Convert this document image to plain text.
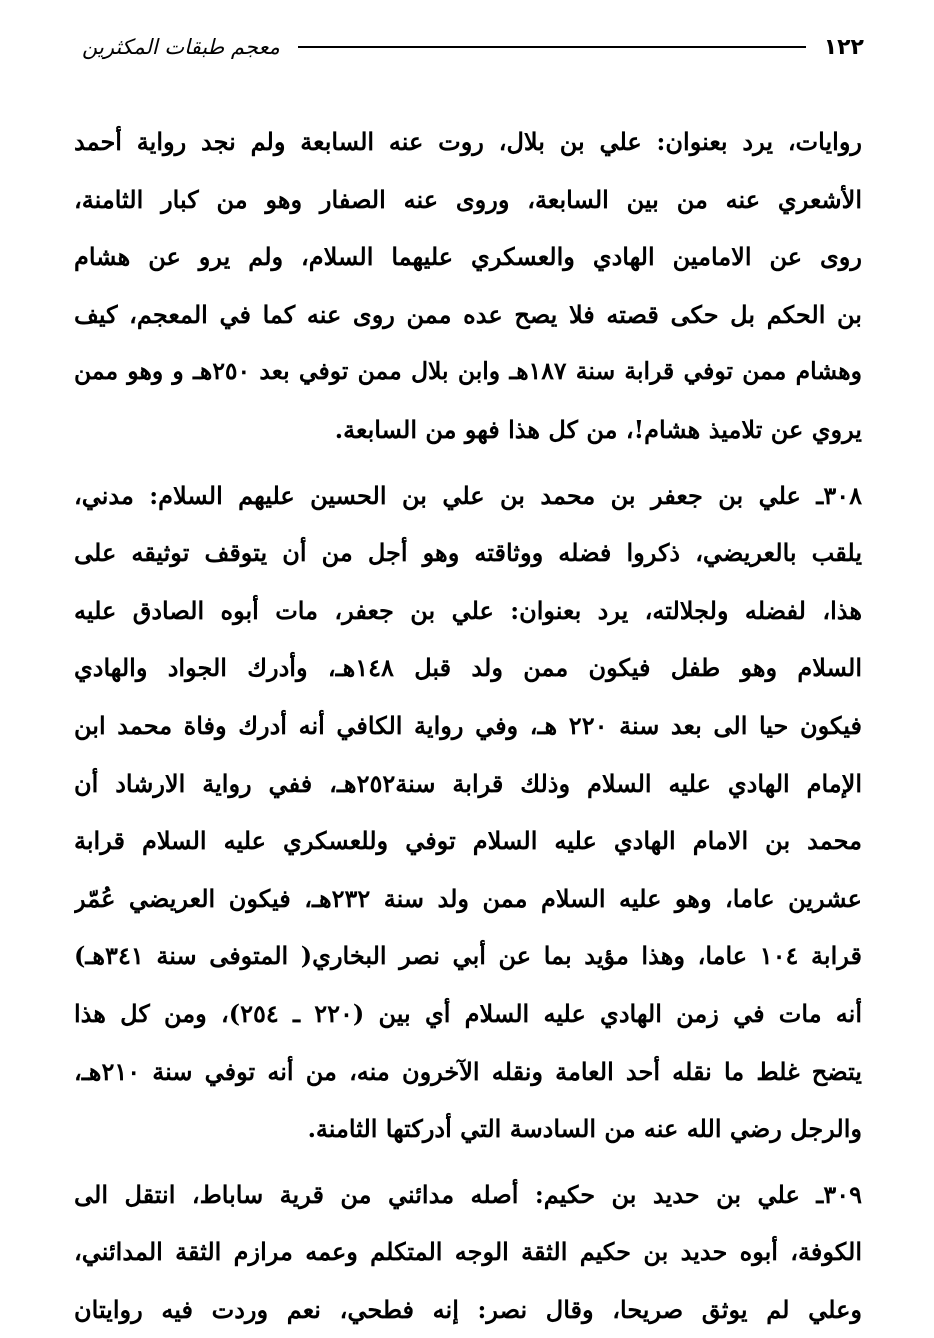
١٢٢
معجم طبقات المكثرين
روايات، يرد بعنوان: علي بن بلال، روت عنه السابعة ولم نجد رواية أحمد
الأشعري عنه من بين السابعة، وروى عنه الصفار وهو من كبار الثامنة،
روى عن الامامين الهادي والعسكري عليهما السلام، ولم يرو عن هشام
بن الحكم بل حكى قصته فلا يصح عده ممن روى عنه كما في المعجم، كيف
وهشام ممن توفي قرابة سنة ١٨٧هـ وابن بلال ممن توفي بعد ٢٥٠هـ و وهو ممن
يروي عن تلاميذ هشام!، من كل هذا فهو من السابعة.
٣٠٨ـ علي بن جعفر بن محمد بن علي بن الحسين عليهم السلام: مدني،
يلقب بالعريضي، ذكروا فضله ووثاقته وهو أجل من أن يتوقف توثيقه على
هذا، لفضله ولجلالته، يرد بعنوان: علي بن جعفر، مات أبوه الصادق عليه
السلام وهو طفل فيكون ممن ولد قبل ١٤٨هـ، وأدرك الجواد والهادي
فيكون حيا الى بعد سنة ٢٢٠ هـ، وفي رواية الكافي أنه أدرك وفاة محمد ابن
الإمام الهادي عليه السلام وذلك قرابة سنة٢٥٢هـ، ففي رواية الارشاد أن
محمد بن الامام الهادي عليه السلام توفي وللعسكري عليه السلام قرابة
عشرين عاما، وهو عليه السلام ممن ولد سنة ٢٣٢هـ، فيكون العريضي عُمّر
قرابة ١٠٤ عاما، وهذا مؤيد بما عن أبي نصر البخاري( المتوفى سنة ٣٤١هـ)
أنه مات في زمن الهادي عليه السلام أي بين (٢٢٠ ـ ٢٥٤)، ومن كل هذا
يتضح غلط ما نقله أحد العامة ونقله الآخرون منه، من أنه توفي سنة ٢١٠هـ،
والرجل رضي الله عنه من السادسة التي أدركتها الثامنة.
٣٠٩ـ علي بن حديد بن حكيم: أصله مدائني من قرية ساباط، انتقل الى
الكوفة، أبوه حديد بن حكيم الثقة الوجه المتكلم وعمه مرازم الثقة المدائني،
وعلي لم يوثق صريحا، وقال نصر: إنه فطحي، نعم وردت فيه روايتان
